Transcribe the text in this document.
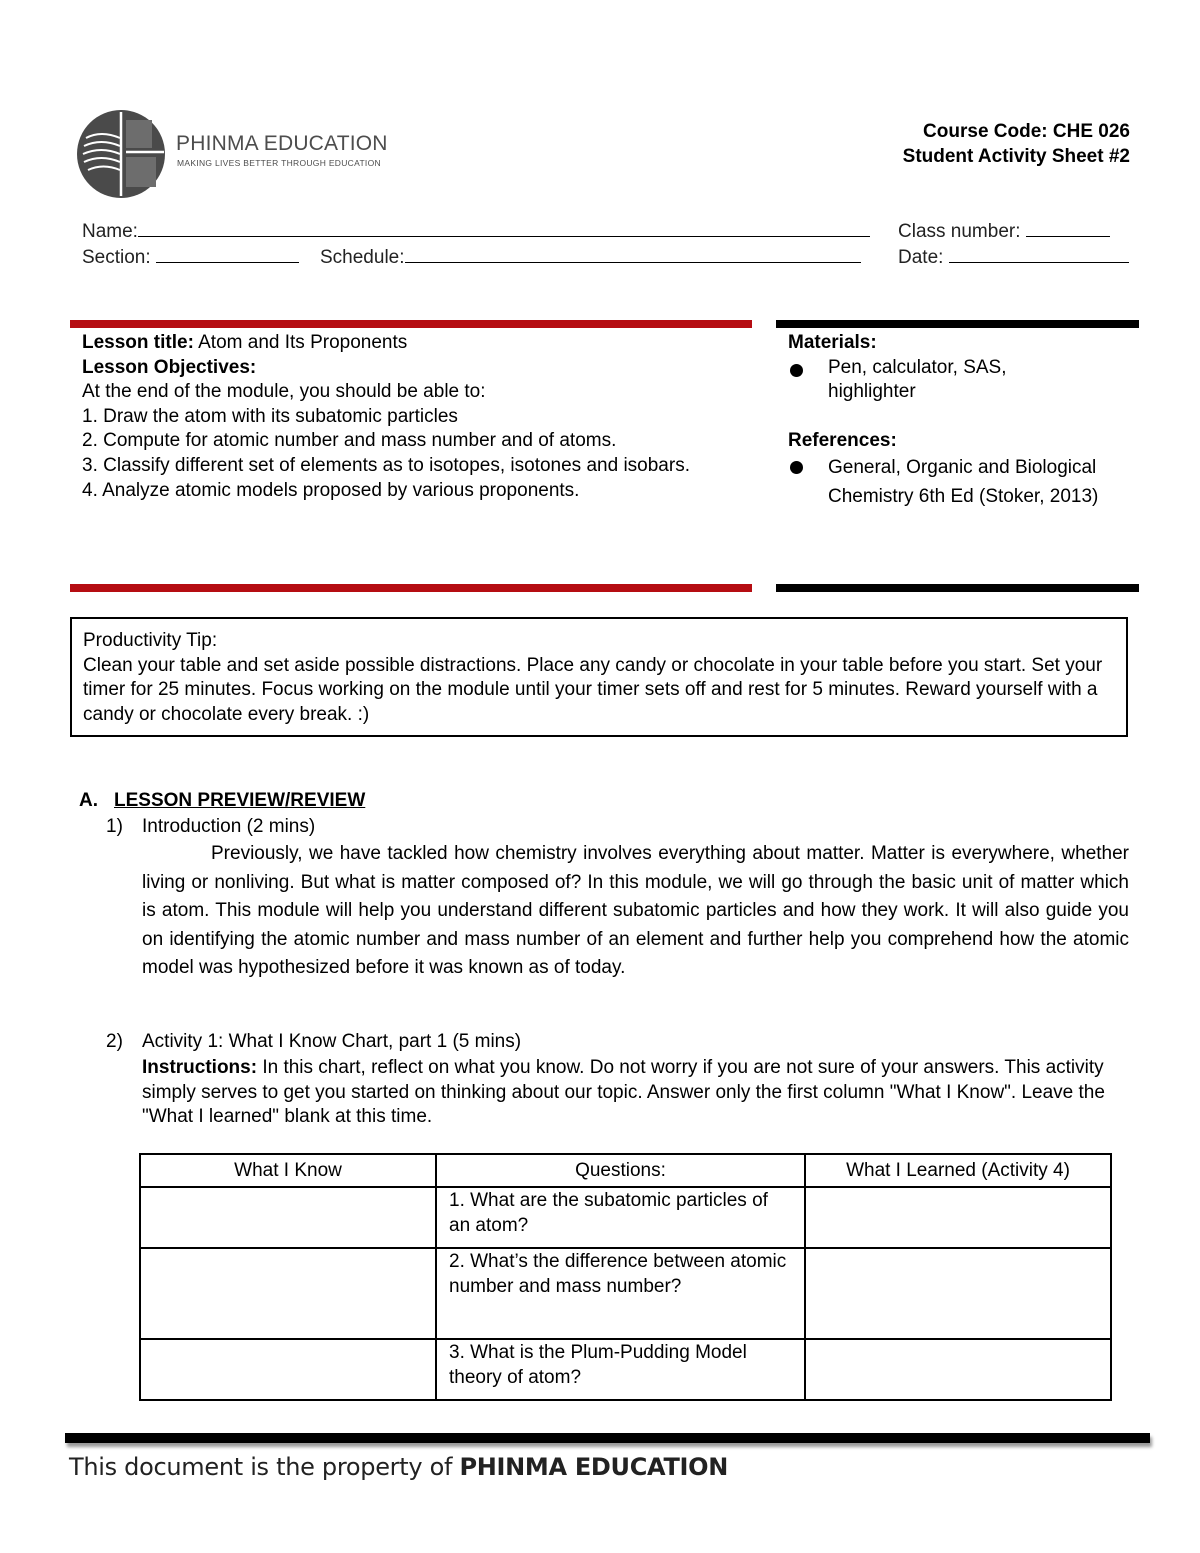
PHINMA EDUCATION
MAKING LIVES BETTER THROUGH EDUCATION
Course Code: CHE 026
Student Activity Sheet #2
Name:	Class number:
Section:	Schedule:	Date:
Lesson title: Atom and Its Proponents
Lesson Objectives:
At the end of the module, you should be able to:
1. Draw the atom with its subatomic particles
2. Compute for atomic number and mass number and of atoms.
3. Classify different set of elements as to isotopes, isotones and isobars.
4. Analyze atomic models proposed by various proponents.
Materials:
Pen, calculator, SAS, highlighter
References:
General, Organic and Biological Chemistry 6th Ed (Stoker, 2013)
Productivity Tip:
Clean your table and set aside possible distractions. Place any candy or chocolate in your table before you start. Set your timer for 25 minutes. Focus working on the module until your timer sets off and rest for 5 minutes. Reward yourself with a candy or chocolate every break. :)
A. LESSON PREVIEW/REVIEW
1) Introduction (2 mins)
Previously, we have tackled how chemistry involves everything about matter. Matter is everywhere, whether living or nonliving. But what is matter composed of? In this module, we will go through the basic unit of matter which is atom. This module will help you understand different subatomic particles and how they work. It will also guide you on identifying the atomic number and mass number of an element and further help you comprehend how the atomic model was hypothesized before it was known as of today.
2) Activity 1: What I Know Chart, part 1 (5 mins)
Instructions: In this chart, reflect on what you know. Do not worry if you are not sure of your answers. This activity simply serves to get you started on thinking about our topic. Answer only the first column "What I Know". Leave the "What I learned" blank at this time.
What I Know	Questions:	What I Learned (Activity 4)
	1. What are the subatomic particles of an atom?	
	2. What’s the difference between atomic number and mass number?	
	3. What is the Plum-Pudding Model theory of atom?	
This document is the property of PHINMA EDUCATION
